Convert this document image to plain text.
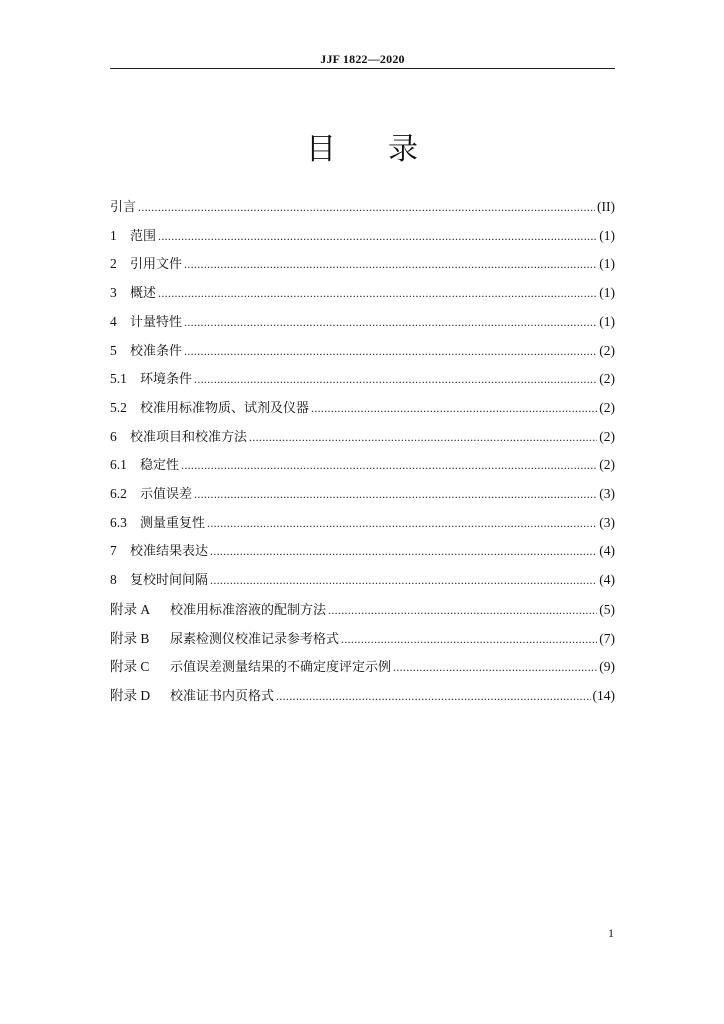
JJF 1822—2020
目 录
引言 .....	(II)
1	范围 .....	(1)
2	引用文件 .....	(1)
3	概述 .....	(1)
4	计量特性 .....	(1)
5	校准条件 .....	(2)
5.1	环境条件 .....	(2)
5.2	校准用标准物质、试剂及仪器 .....	(2)
6	校准项目和校准方法 .....	(2)
6.1	稳定性 .....	(2)
6.2	示值误差 .....	(3)
6.3	测量重复性 .....	(3)
7	校准结果表达 .....	(4)
8	复校时间间隔 .....	(4)
附录 A	校准用标准溶液的配制方法 .....	(5)
附录 B	尿素检测仪校准记录参考格式 .....	(7)
附录 C	示值误差测量结果的不确定度评定示例 .....	(9)
附录 D	校准证书内页格式 .....	(14)
1
